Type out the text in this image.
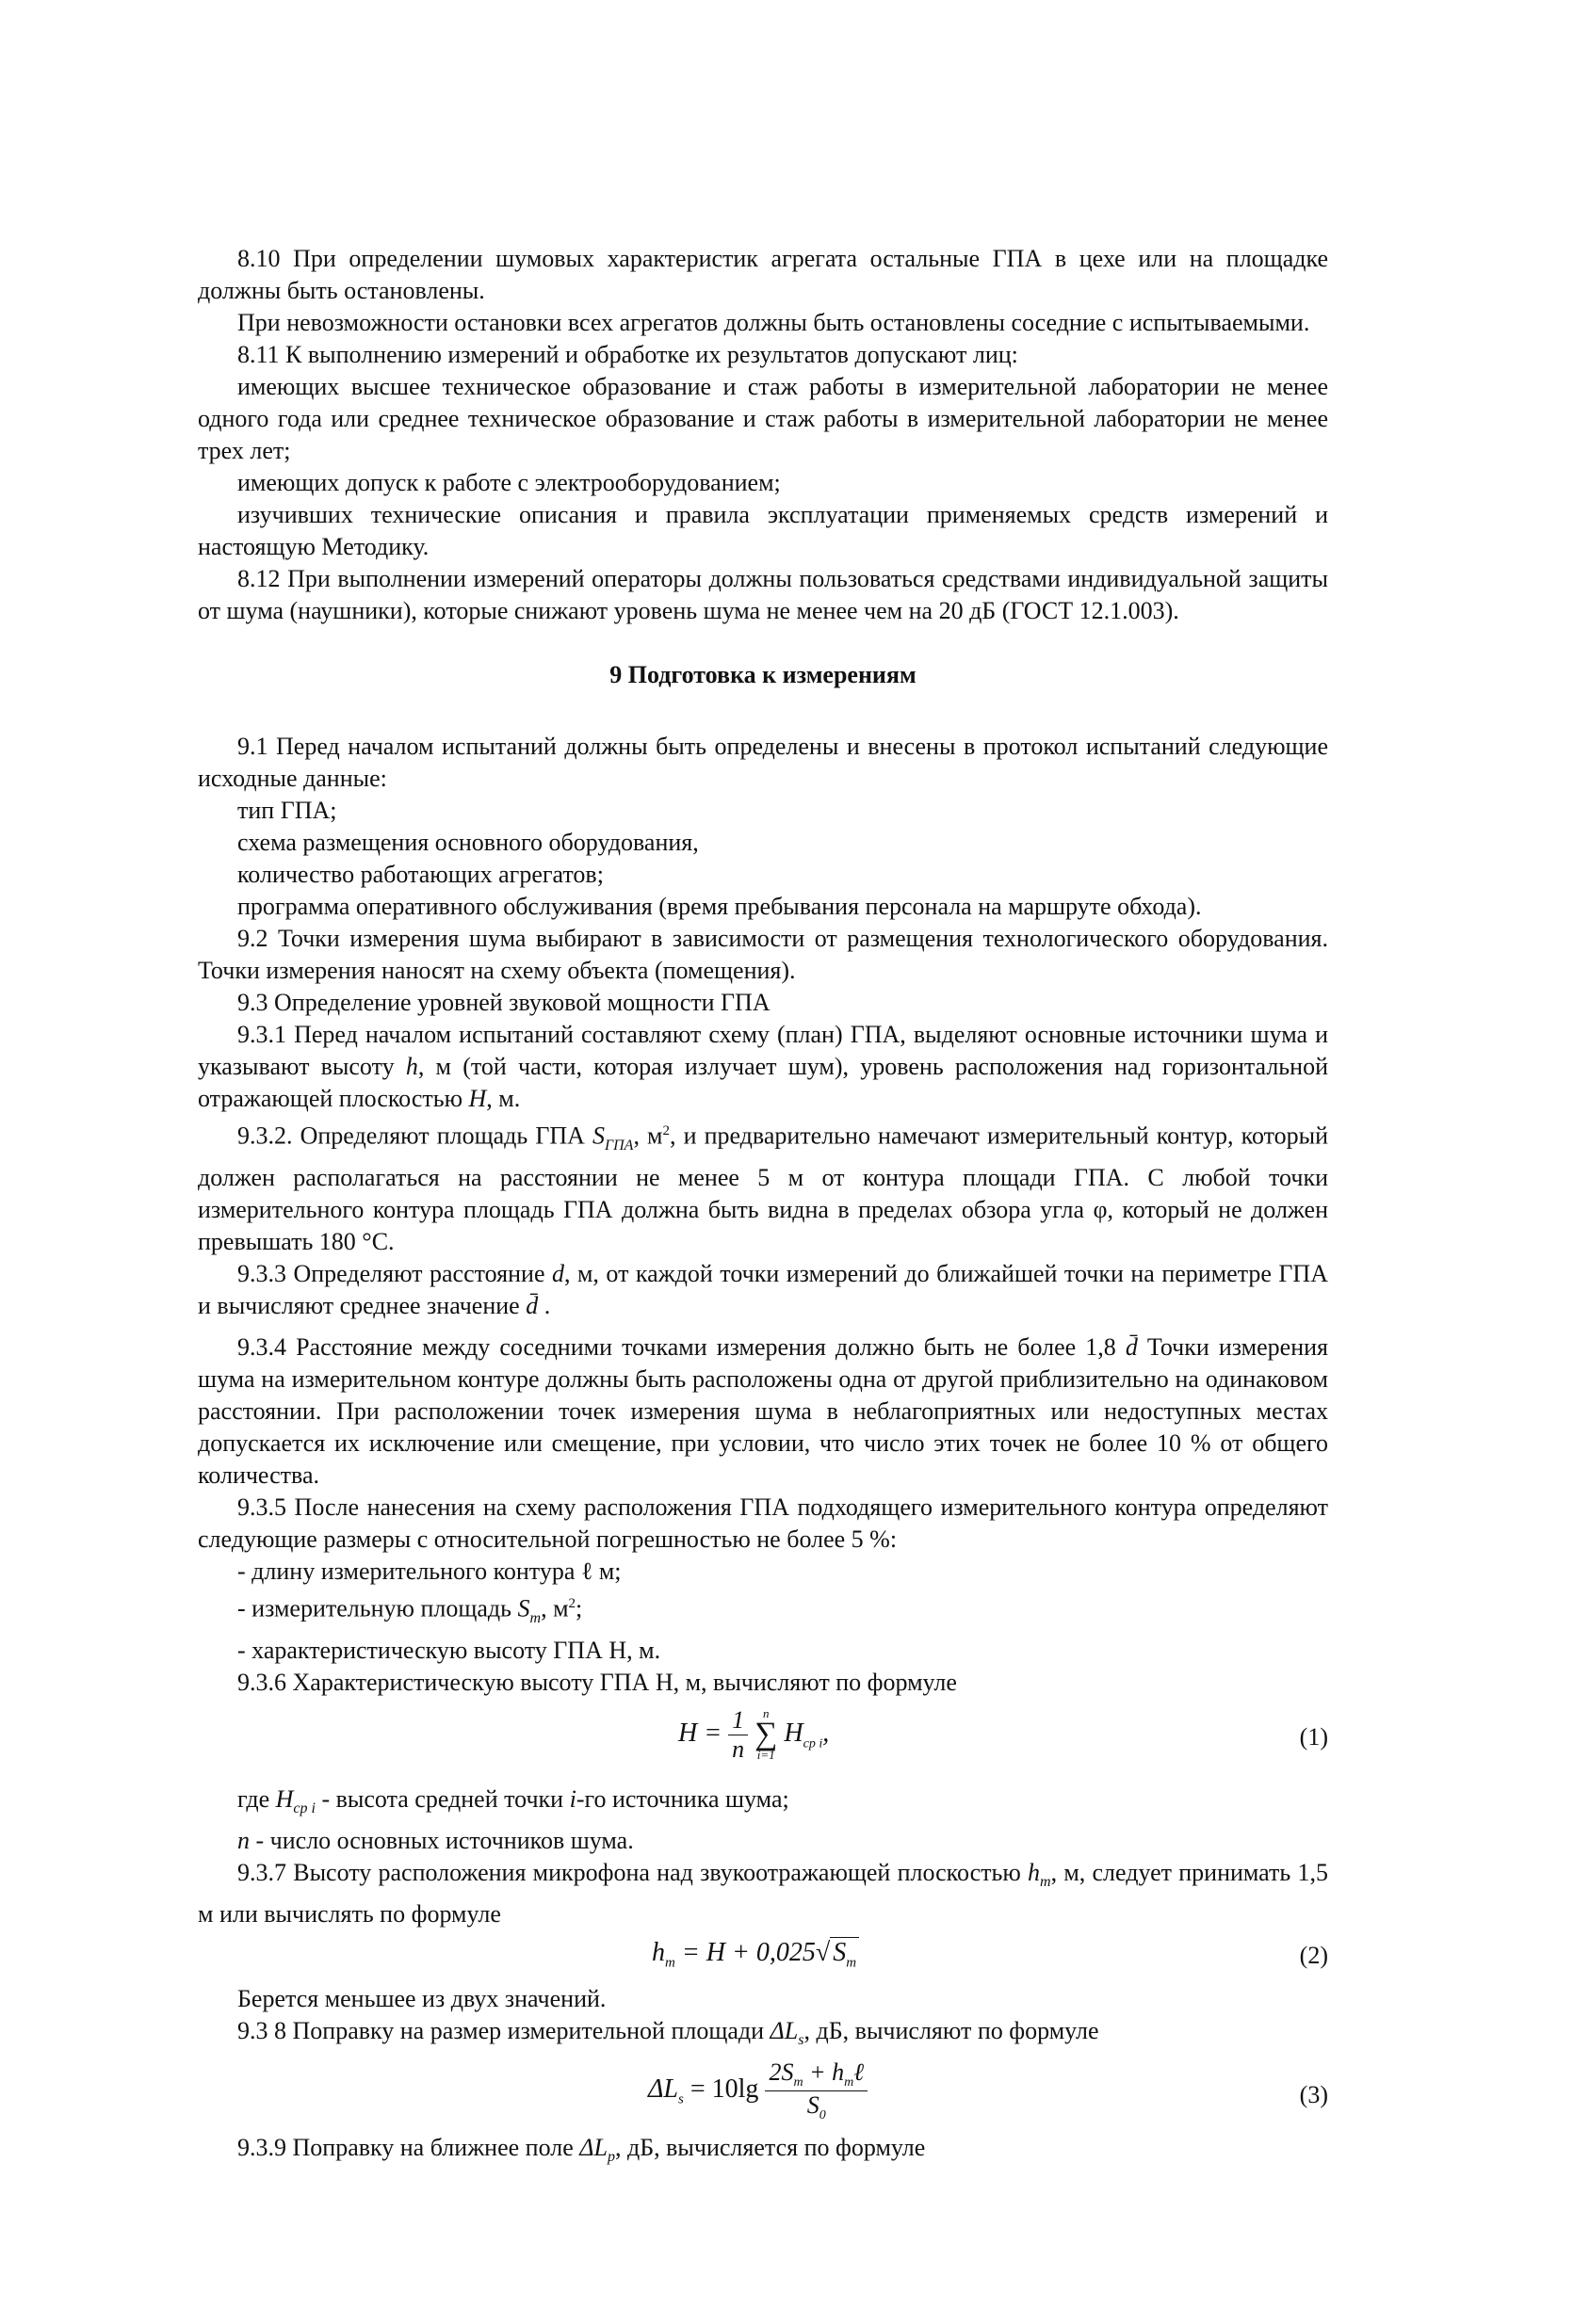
8.10 При определении шумовых характеристик агрегата остальные ГПА в цехе или на площадке должны быть остановлены.

При невозможности остановки всех агрегатов должны быть остановлены соседние с испытываемыми.

8.11 К выполнению измерений и обработке их результатов допускают лиц:

имеющих высшее техническое образование и стаж работы в измерительной лаборатории не менее одного года или среднее техническое образование и стаж работы в измерительной лаборатории не менее трех лет;

имеющих допуск к работе с электрооборудованием;

изучивших технические описания и правила эксплуатации применяемых средств измерений и настоящую Методику.

8.12 При выполнении измерений операторы должны пользоваться средствами индивидуальной защиты от шума (наушники), которые снижают уровень шума не менее чем на 20 дБ (ГОСТ 12.1.003).

9 Подготовка к измерениям

9.1 Перед началом испытаний должны быть определены и внесены в протокол испытаний следующие исходные данные:

тип ГПА;

схема размещения основного оборудования,

количество работающих агрегатов;

программа оперативного обслуживания (время пребывания персонала на маршруте обхода).

9.2 Точки измерения шума выбирают в зависимости от размещения технологического оборудования. Точки измерения наносят на схему объекта (помещения).

9.3 Определение уровней звуковой мощности ГПА

9.3.1 Перед началом испытаний составляют схему (план) ГПА, выделяют основные источники шума и указывают высоту h, м (той части, которая излучает шум), уровень расположения над горизонтальной отражающей плоскостью H, м.

9.3.2. Определяют площадь ГПА $S_{ГПА}$, $м^2$, и предварительно намечают измерительный контур, который должен располагаться на расстоянии не менее 5 м от контура площади ГПА. С любой точки измерительного контура площадь ГПА должна быть видна в пределах обзора угла φ, который не должен превышать 180 °С.

9.3.3 Определяют расстояние d, м, от каждой точки измерений до ближайшей точки на периметре ГПА и вычисляют среднее значение d̄ .

9.3.4 Расстояние между соседними точками измерения должно быть не более 1,8 d̄ Точки измерения шума на измерительном контуре должны быть расположены одна от другой приблизительно на одинаковом расстоянии. При расположении точек измерения шума в неблагоприятных или недоступных местах допускается их исключение или смещение, при условии, что число этих точек не более 10 % от общего количества.

9.3.5 После нанесения на схему расположения ГПА подходящего измерительного контура определяют следующие размеры с относительной погрешностью не более 5 %:

- длину измерительного контура ℓ м;

- измерительную площадь $S_m$, $м^2$;

- характеристическую высоту ГПА Н, м.

9.3.6 Характеристическую высоту ГПА Н, м, вычисляют по формуле

$H = \frac{1}{n}$ n
∑
i=1 $H_{cp i}$,	(1)

где $H_{cp i}$ - высота средней точки i-го источника шума;

n - число основных источников шума.

9.3.7 Высоту расположения микрофона над звукоотражающей плоскостью $h_m$, м, следует принимать 1,5 м или вычислять по формуле

$h_m = H + 0,025√$ $S_m$	(2)

Берется меньшее из двух значений.

9.3 8 Поправку на размер измерительной площади $\Delta L_s$, дБ, вычисляют по формуле

$\Delta L_s = 10\lg \frac{2S_m + h_m\ell}{S_0}$	(3)

9.3.9 Поправку на ближнее поле $\Delta L_p$, дБ, вычисляется по формуле
